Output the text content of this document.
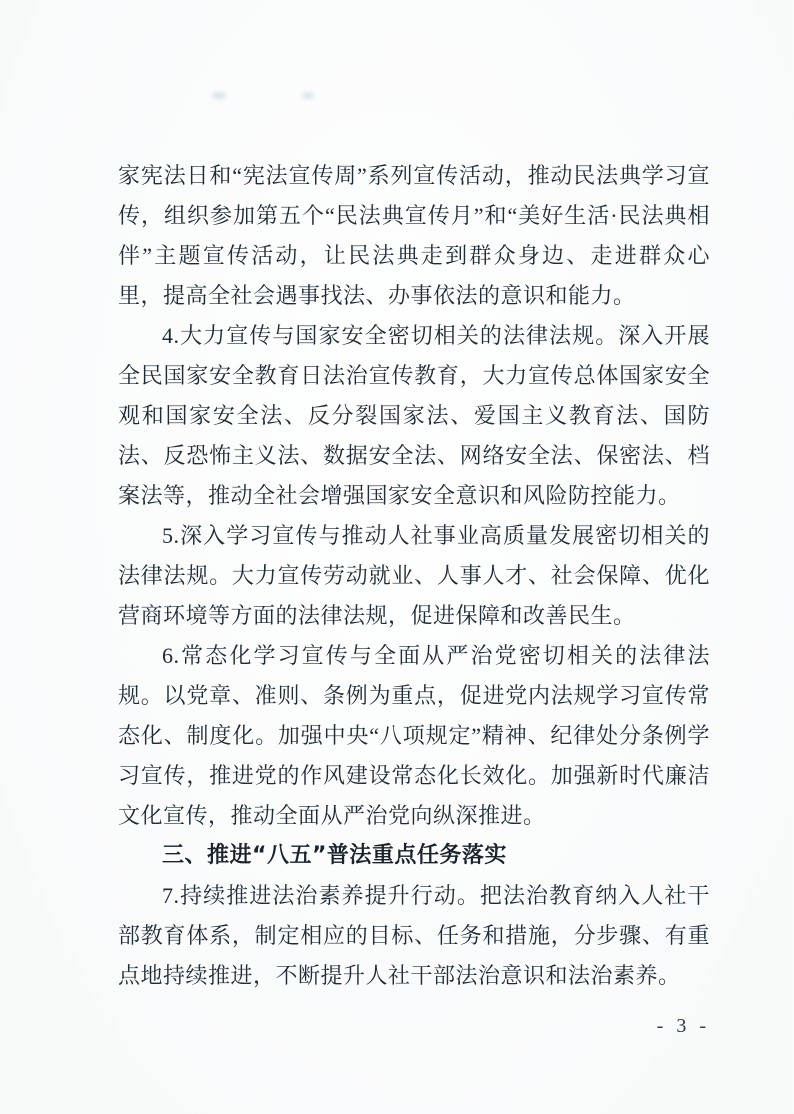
家宪法日和“宪法宣传周”系列宣传活动，推动民法典学习宣传，组织参加第五个“民法典宣传月”和“美好生活·民法典相伴”主题宣传活动，让民法典走到群众身边、走进群众心里，提高全社会遇事找法、办事依法的意识和能力。

4.大力宣传与国家安全密切相关的法律法规。深入开展全民国家安全教育日法治宣传教育，大力宣传总体国家安全观和国家安全法、反分裂国家法、爱国主义教育法、国防法、反恐怖主义法、数据安全法、网络安全法、保密法、档案法等，推动全社会增强国家安全意识和风险防控能力。

5.深入学习宣传与推动人社事业高质量发展密切相关的法律法规。大力宣传劳动就业、人事人才、社会保障、优化营商环境等方面的法律法规，促进保障和改善民生。

6.常态化学习宣传与全面从严治党密切相关的法律法规。以党章、准则、条例为重点，促进党内法规学习宣传常态化、制度化。加强中央“八项规定”精神、纪律处分条例学习宣传，推进党的作风建设常态化长效化。加强新时代廉洁文化宣传，推动全面从严治党向纵深推进。

三、推进“八五”普法重点任务落实

7.持续推进法治素养提升行动。把法治教育纳入人社干部教育体系，制定相应的目标、任务和措施，分步骤、有重点地持续推进，不断提升人社干部法治意识和法治素养。

- 3 -
